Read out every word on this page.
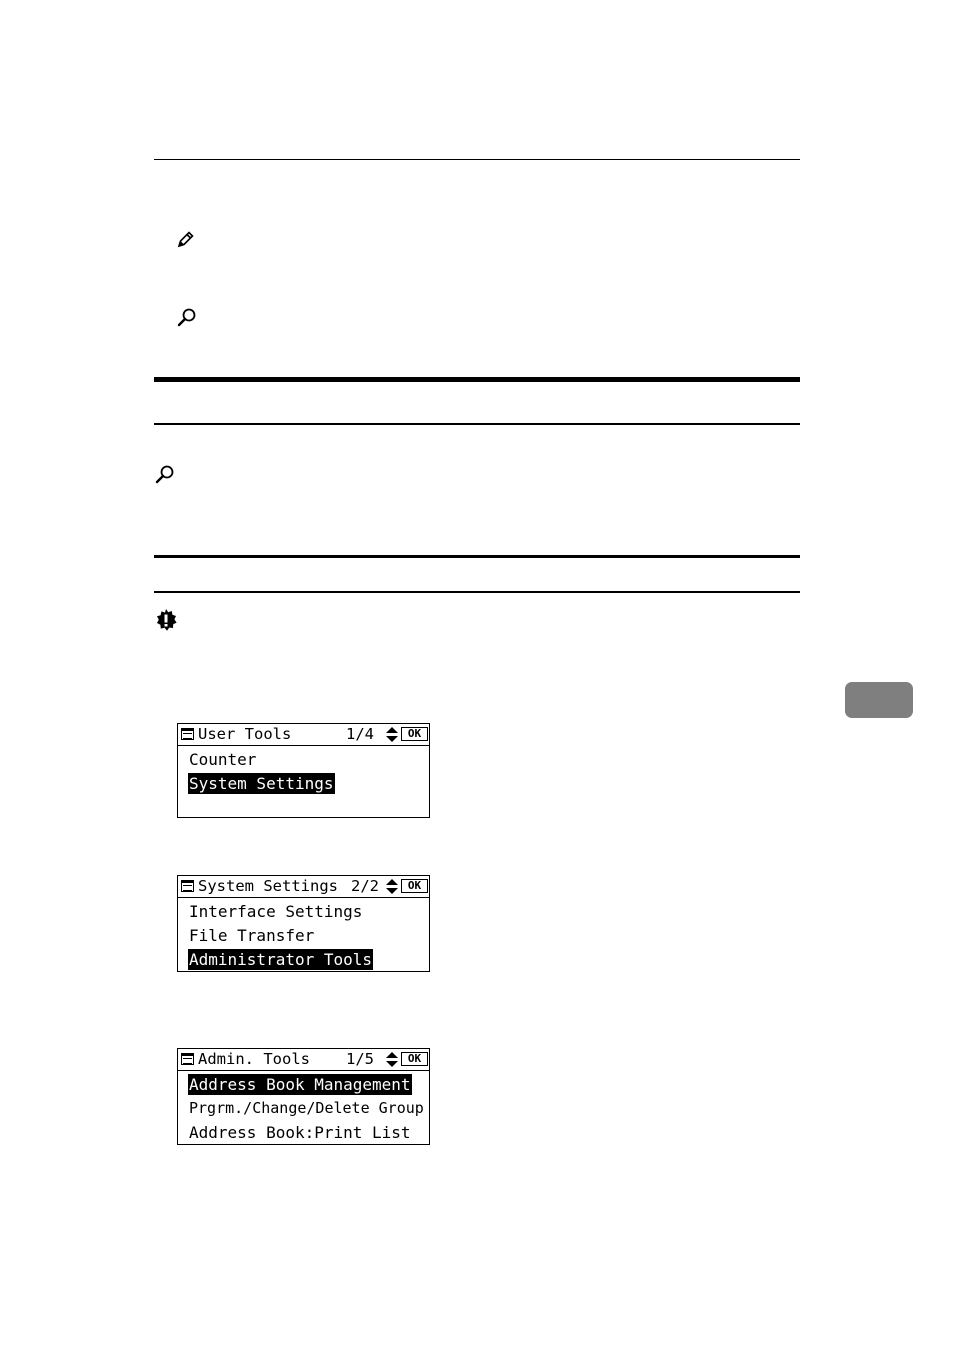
User Tools	1/4	OK
Counter
System Settings
System Settings 2/2	OK
Interface Settings
File Transfer
Administrator Tools
Admin. Tools 1/5	OK
Address Book Management
Prgrm./Change/Delete Group
Address Book:Print List
